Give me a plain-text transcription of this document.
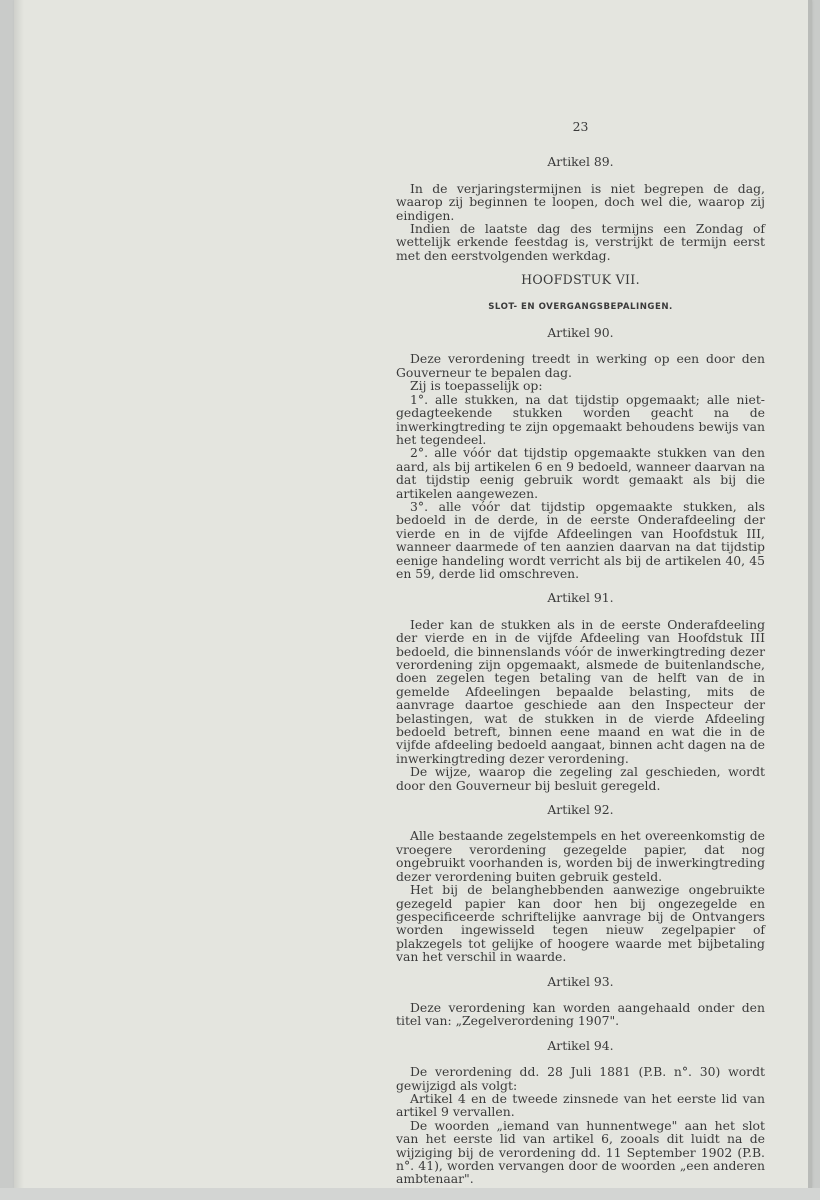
23
Artikel 89.

In de verjaringstermijnen is niet begrepen de dag, waarop zij beginnen te loopen, doch wel die, waarop zij eindigen.

Indien de laatste dag des termijns een Zondag of wettelijk erkende feestdag is, verstrijkt de termijn eerst met den eerstvolgenden werkdag.

HOOFDSTUK VII.
SLOT- EN OVERGANGSBEPALINGEN.
Artikel 90.

Deze verordening treedt in werking op een door den Gouverneur te bepalen dag.

Zij is toepasselijk op:

1°. alle stukken, na dat tijdstip opgemaakt; alle niet- gedagteekende stukken worden geacht na de inwerkingtreding te zijn opgemaakt behoudens bewijs van het tegendeel.

2°. alle vóór dat tijdstip opgemaakte stukken van den aard, als bij artikelen 6 en 9 bedoeld, wanneer daarvan na dat tijdstip eenig gebruik wordt gemaakt als bij die artikelen aangewezen.

3°. alle vóór dat tijdstip opgemaakte stukken, als bedoeld in de derde, in de eerste Onderafdeeling der vierde en in de vijfde Afdeelingen van Hoofdstuk III, wanneer daarmede of ten aanzien daarvan na dat tijdstip eenige handeling wordt verricht als bij de artikelen 40, 45 en 59, derde lid omschreven.

Artikel 91.

Ieder kan de stukken als in de eerste Onderafdeeling der vierde en in de vijfde Afdeeling van Hoofdstuk III bedoeld, die binnenslands vóór de inwerkingtreding dezer verordening zijn opgemaakt, alsmede de buitenlandsche, doen zegelen tegen betaling van de helft van de in gemelde Afdeelingen bepaalde belasting, mits de aanvrage daartoe geschiede aan den Inspecteur der belastingen, wat de stukken in de vierde Afdeeling bedoeld betreft, binnen eene maand en wat die in de vijfde afdeeling bedoeld aangaat, binnen acht dagen na de inwerkingtreding dezer verordening.

De wijze, waarop die zegeling zal geschieden, wordt door den Gouverneur bij besluit geregeld.

Artikel 92.

Alle bestaande zegelstempels en het overeenkomstig de vroegere verordening gezegelde papier, dat nog ongebruikt voorhanden is, worden bij de inwerkingtreding dezer verordening buiten gebruik gesteld.

Het bij de belanghebbenden aanwezige ongebruikte gezegeld papier kan door hen bij ongezegelde en gespecificeerde schriftelijke aanvrage bij de Ontvangers worden ingewisseld tegen nieuw zegelpapier of plakzegels tot gelijke of hoogere waarde met bijbetaling van het verschil in waarde.

Artikel 93.

Deze verordening kan worden aangehaald onder den titel van: „Zegelverordening 1907".

Artikel 94.

De verordening dd. 28 Juli 1881 (P.B. n°. 30) wordt gewijzigd als volgt:

Artikel 4 en de tweede zinsnede van het eerste lid van artikel 9 vervallen.

De woorden „iemand van hunnentwege" aan het slot van het eerste lid van artikel 6, zooals dit luidt na de wijziging bij de verordening dd. 11 September 1902 (P.B. n°. 41), worden vervangen door de woorden „een anderen ambtenaar".
